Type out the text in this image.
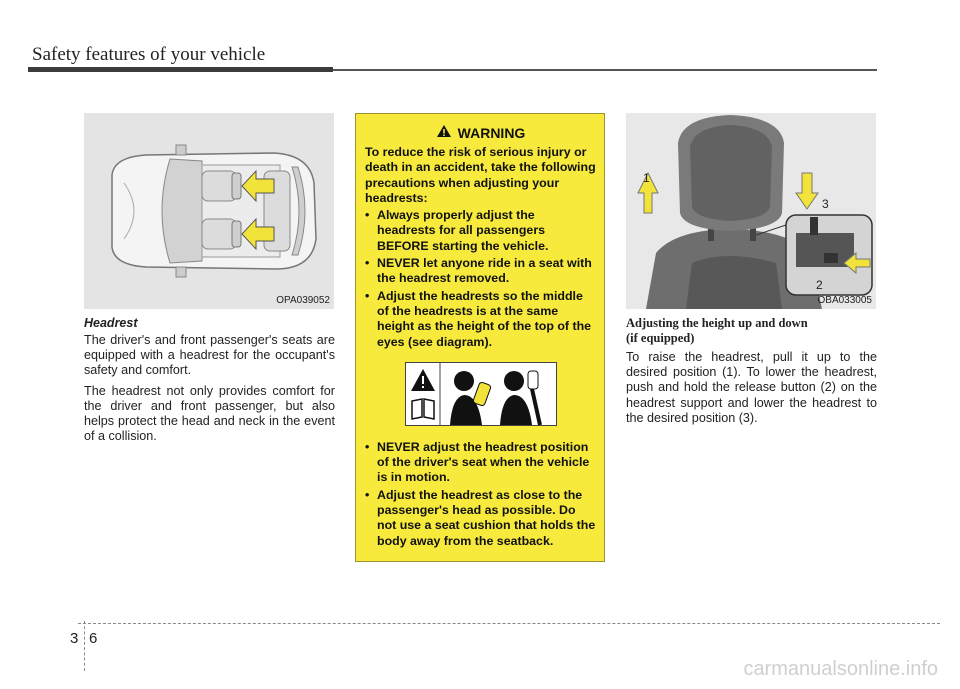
Safety features of your vehicle
OPA039052
Headrest

The driver's and front passenger's seats are equipped with a headrest for the occupant's safety and comfort.

The headrest not only provides comfort for the driver and front passenger, but also helps protect the head and neck in the event of a collision.

WARNING

To reduce the risk of serious injury or death in an accident, take the following precautions when adjusting your headrests:

• Always properly adjust the headrests for all passengers BEFORE starting the vehicle.
• NEVER let anyone ride in a seat with the headrest removed.
• Adjust the headrests so the middle of the headrests is at the same height as the height of the top of the eyes (see diagram).
• NEVER adjust the headrest position of the driver's seat when the vehicle is in motion.
• Adjust the headrest as close to the passenger's head as possible. Do not use a seat cushion that holds the body away from the seatback.
1
3
2
OBA033005
Adjusting the height up and down
(if equipped)

To raise the headrest, pull it up to the desired position (1). To lower the headrest, push and hold the release button (2) on the headrest support and lower the headrest to the desired position (3).

3 6
carmanualsonline.info
